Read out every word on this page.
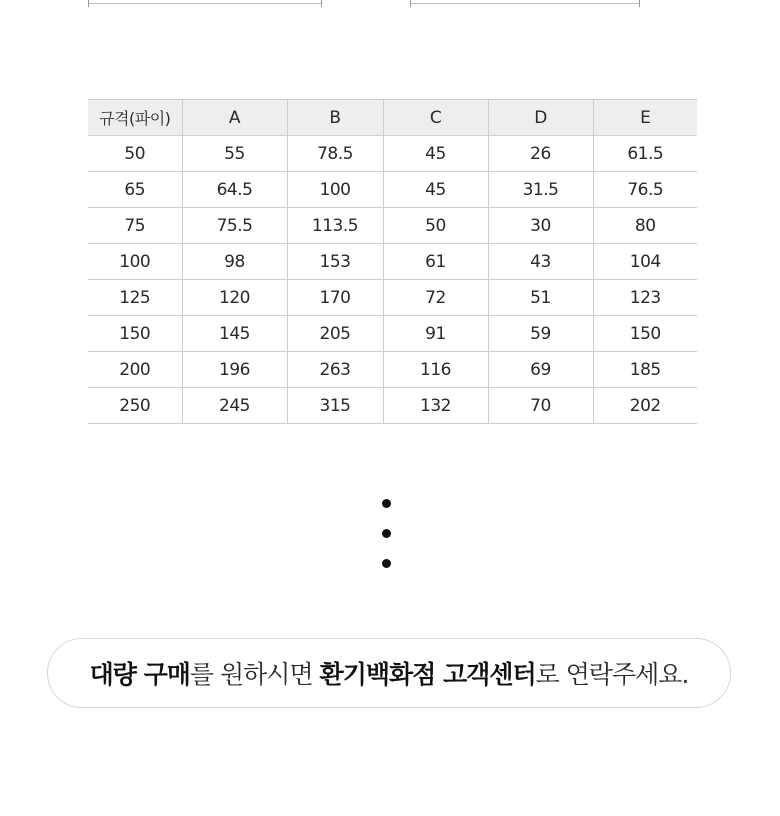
규격(파이)	A	B	C	D	E
50	55	78.5	45	26	61.5
65	64.5	100	45	31.5	76.5
75	75.5	113.5	50	30	80
100	98	153	61	43	104
125	120	170	72	51	123
150	145	205	91	59	150
200	196	263	116	69	185
250	245	315	132	70	202
대량 구매 를 원하시면 환기백화점 고객센터 로 연락주세요.
